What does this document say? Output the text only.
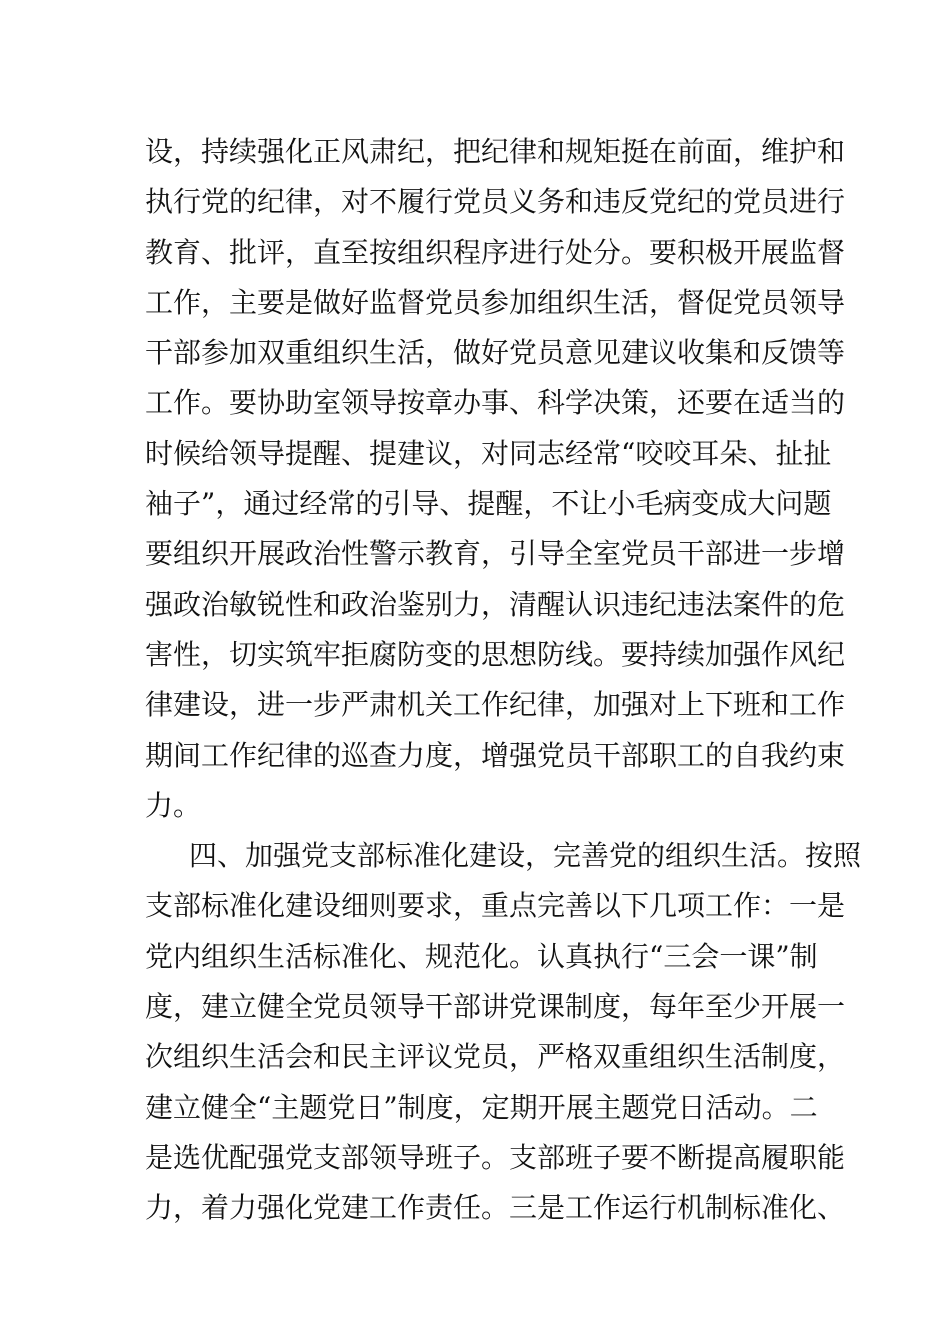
设，持续强化正风肃纪，把纪律和规矩挺在前面，维护和
执行党的纪律，对不履行党员义务和违反党纪的党员进行
教育、批评，直至按组织程序进行处分。要积极开展监督
工作，主要是做好监督党员参加组织生活，督促党员领导
干部参加双重组织生活，做好党员意见建议收集和反馈等
工作。要协助室领导按章办事、科学决策，还要在适当的
时候给领导提醒、提建议，对同志经常“咬咬耳朵、扯扯
袖子”，通过经常的引导、提醒，不让小毛病变成大问题
要组织开展政治性警示教育，引导全室党员干部进一步增
强政治敏锐性和政治鉴别力，清醒认识违纪违法案件的危
害性，切实筑牢拒腐防变的思想防线。要持续加强作风纪
律建设，进一步严肃机关工作纪律，加强对上下班和工作
期间工作纪律的巡查力度，增强党员干部职工的自我约束
力。
四、加强党支部标准化建设，完善党的组织生活。按照
支部标准化建设细则要求，重点完善以下几项工作：一是
党内组织生活标准化、规范化。认真执行“三会一课”制
度，建立健全党员领导干部讲党课制度，每年至少开展一
次组织生活会和民主评议党员，严格双重组织生活制度，
建立健全“主题党日”制度，定期开展主题党日活动。二
是选优配强党支部领导班子。支部班子要不断提高履职能
力，着力强化党建工作责任。三是工作运行机制标准化、
